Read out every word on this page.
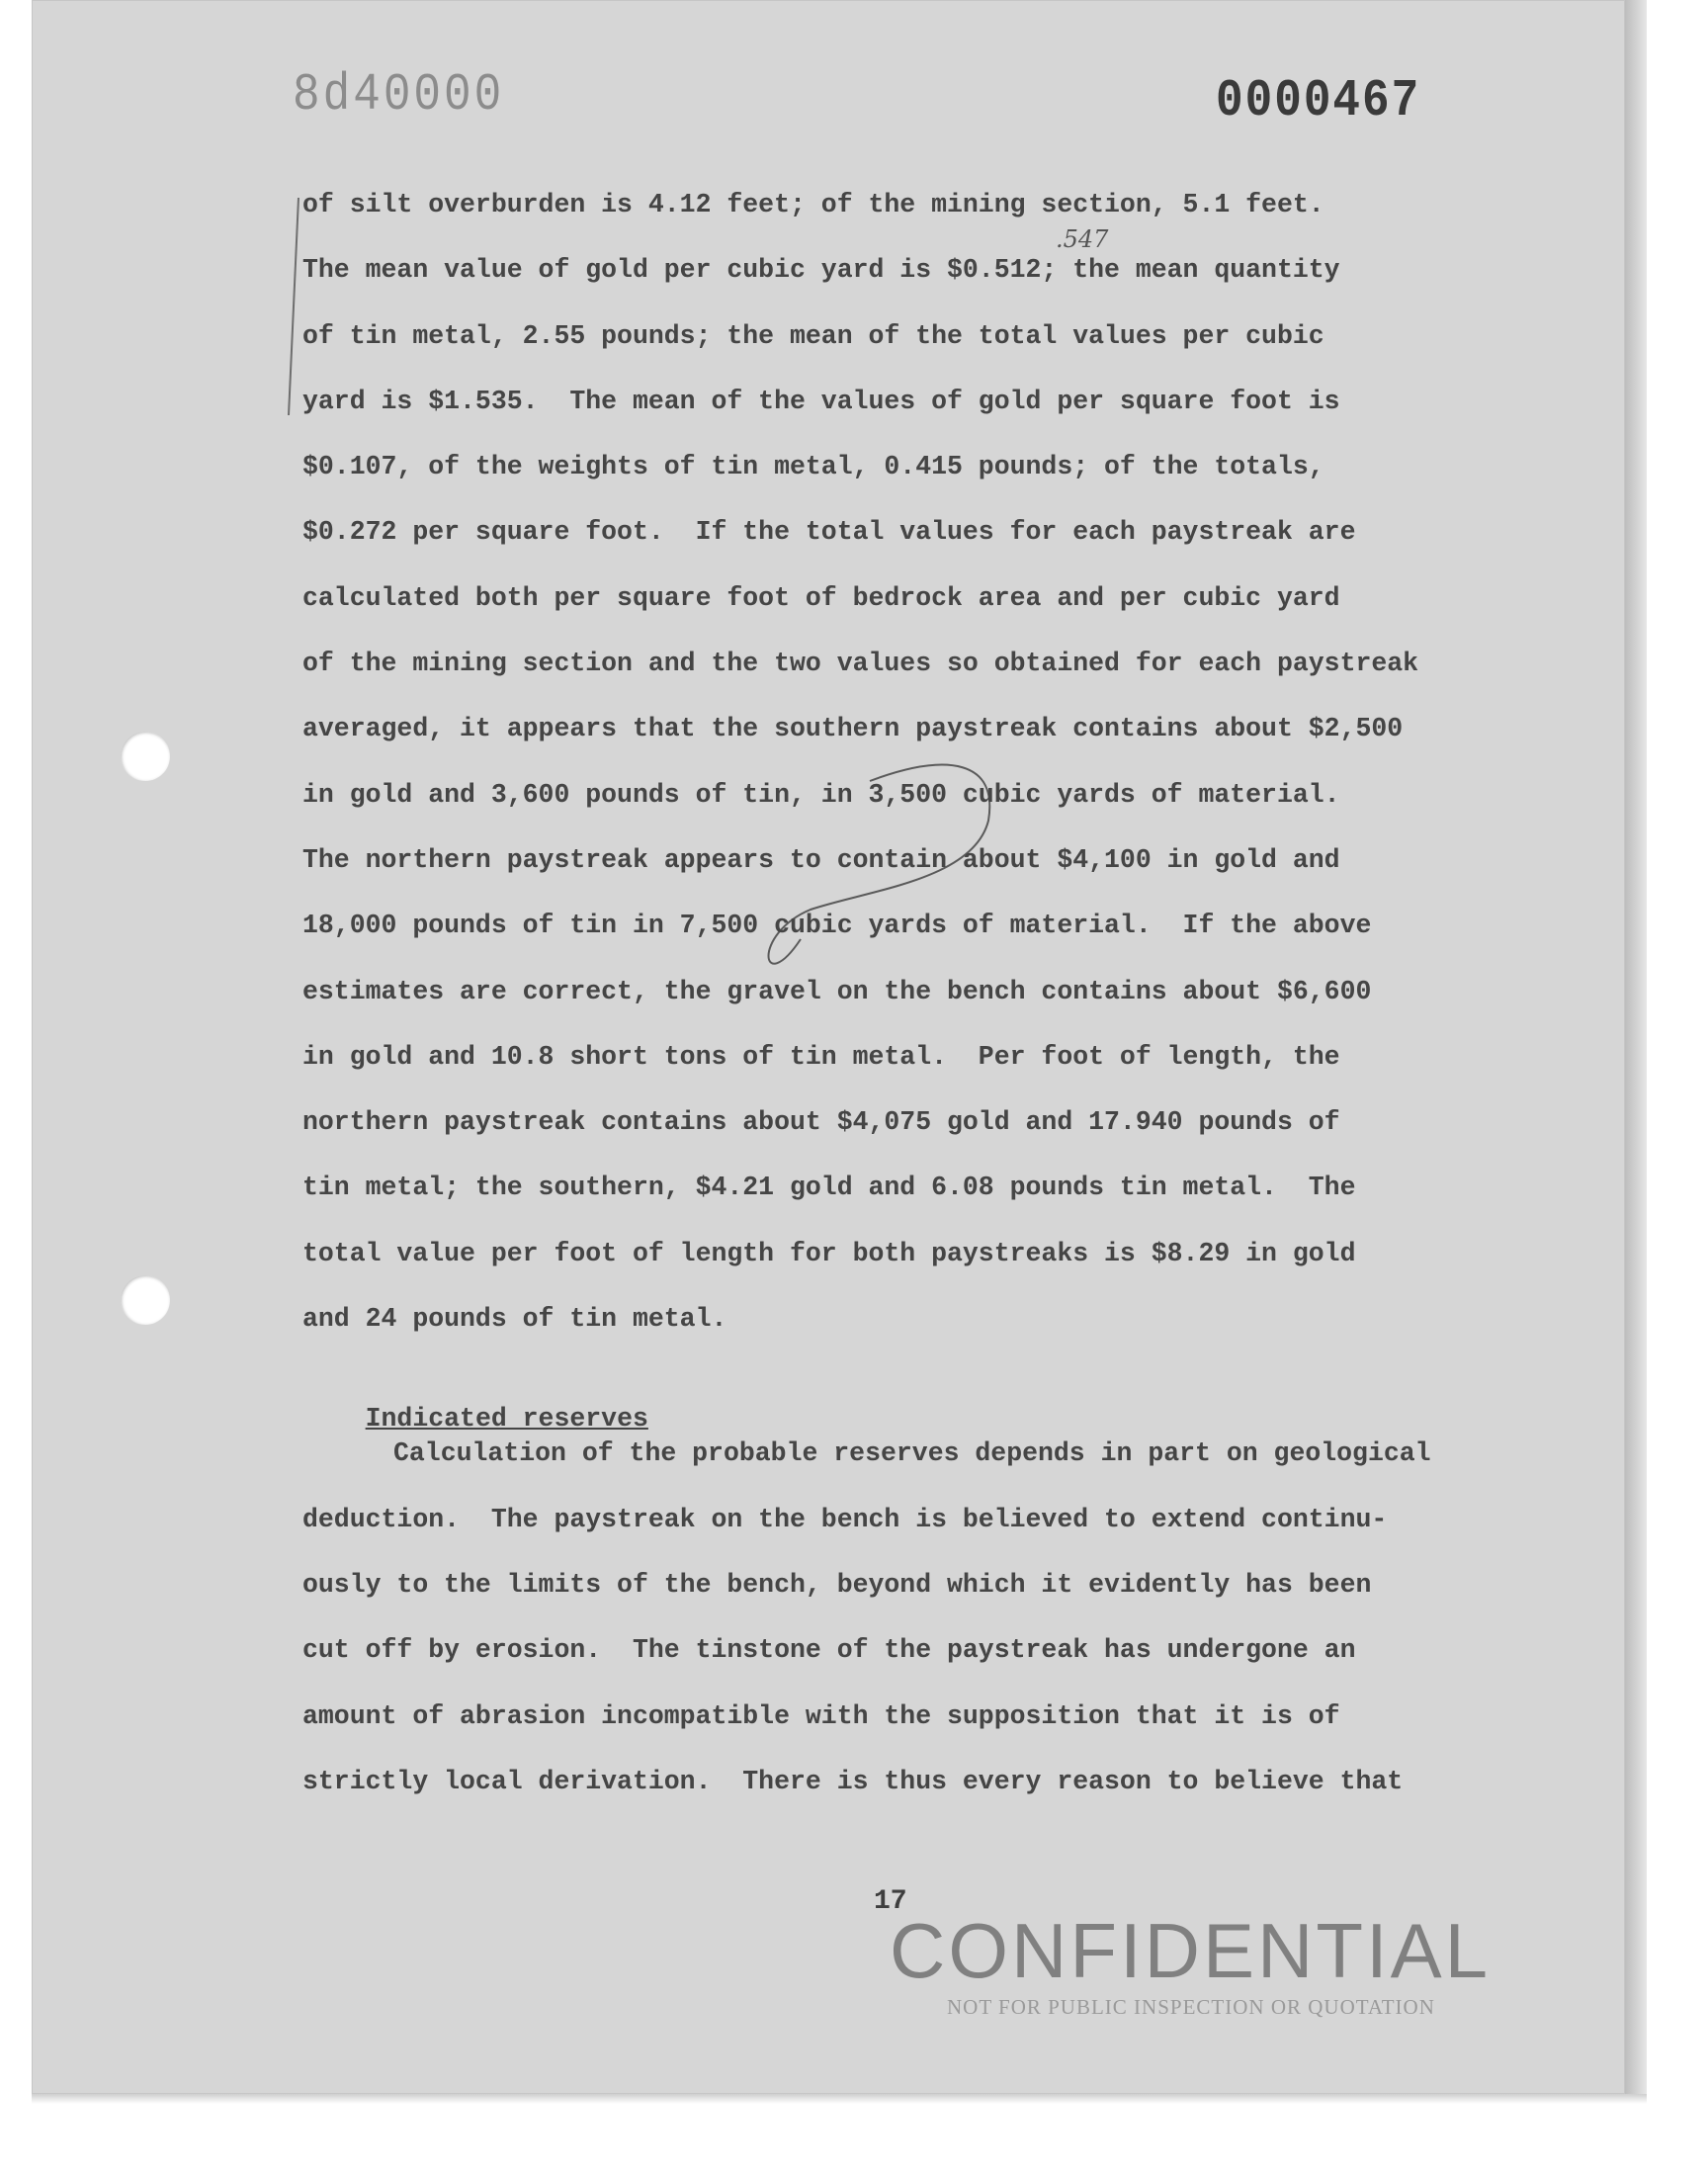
8d40000	0000467
.547
of silt overburden is 4.12 feet; of the mining section, 5.1 feet.
The mean value of gold per cubic yard is $0.512; the mean quantity
of tin metal, 2.55 pounds; the mean of the total values per cubic
yard is $1.535.  The mean of the values of gold per square foot is
$0.107, of the weights of tin metal, 0.415 pounds; of the totals,
$0.272 per square foot.  If the total values for each paystreak are
calculated both per square foot of bedrock area and per cubic yard
of the mining section and the two values so obtained for each paystreak
averaged, it appears that the southern paystreak contains about $2,500
in gold and 3,600 pounds of tin, in 3,500 cubic yards of material.
The northern paystreak appears to contain about $4,100 in gold and
18,000 pounds of tin in 7,500 cubic yards of material.  If the above
estimates are correct, the gravel on the bench contains about $6,600
in gold and 10.8 short tons of tin metal.  Per foot of length, the
northern paystreak contains about $4,075 gold and 17.940 pounds of
tin metal; the southern, $4.21 gold and 6.08 pounds tin metal.  The
total value per foot of length for both paystreaks is $8.29 in gold
and 24 pounds of tin metal.

Indicated reserves

Calculation of the probable reserves depends in part on geological
deduction.  The paystreak on the bench is believed to extend continu-
ously to the limits of the bench, beyond which it evidently has been
cut off by erosion.  The tinstone of the paystreak has undergone an
amount of abrasion incompatible with the supposition that it is of
strictly local derivation.  There is thus every reason to believe that
17
CONFIDENTIAL
NOT FOR PUBLIC INSPECTION OR QUOTATION
